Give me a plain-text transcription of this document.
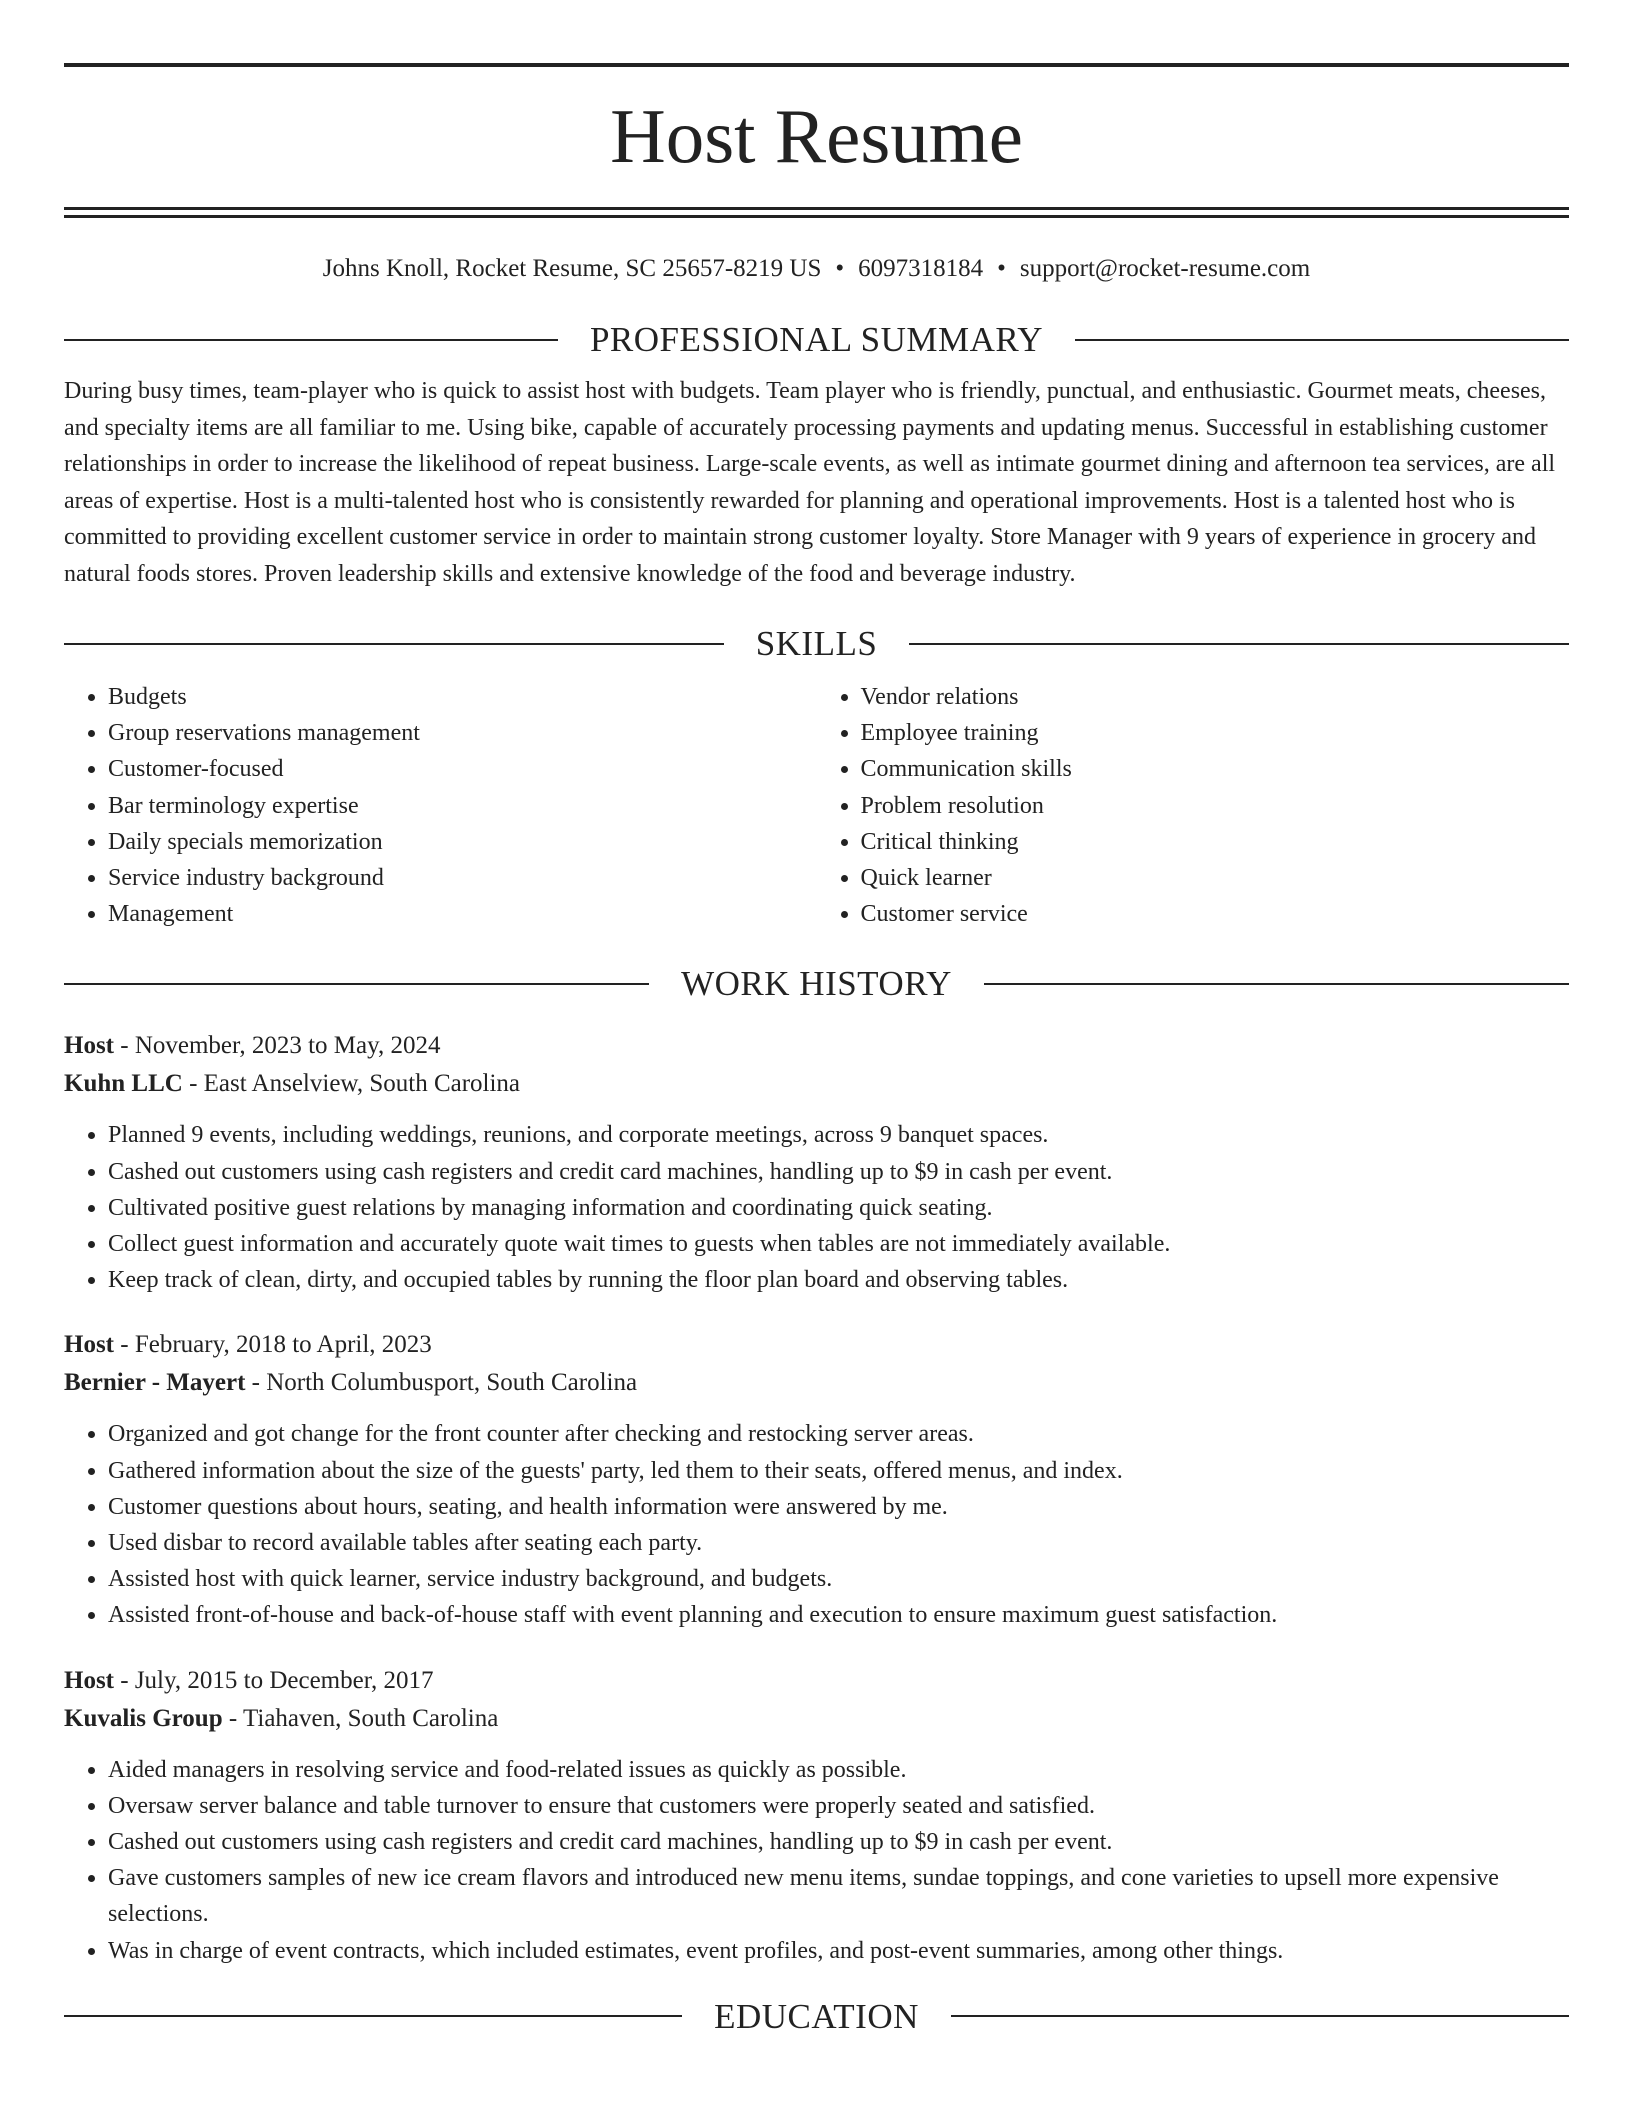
Host Resume
Johns Knoll, Rocket Resume, SC 25657-8219 US • 6097318184 • support@rocket-resume.com
PROFESSIONAL SUMMARY
During busy times, team-player who is quick to assist host with budgets. Team player who is friendly, punctual, and enthusiastic. Gourmet meats, cheeses, and specialty items are all familiar to me. Using bike, capable of accurately processing payments and updating menus. Successful in establishing customer relationships in order to increase the likelihood of repeat business. Large-scale events, as well as intimate gourmet dining and afternoon tea services, are all areas of expertise. Host is a multi-talented host who is consistently rewarded for planning and operational improvements. Host is a talented host who is committed to providing excellent customer service in order to maintain strong customer loyalty. Store Manager with 9 years of experience in grocery and natural foods stores. Proven leadership skills and extensive knowledge of the food and beverage industry.
SKILLS
• Budgets
• Group reservations management
• Customer-focused
• Bar terminology expertise
• Daily specials memorization
• Service industry background
• Management
• Vendor relations
• Employee training
• Communication skills
• Problem resolution
• Critical thinking
• Quick learner
• Customer service
WORK HISTORY
Host - November, 2023 to May, 2024
Kuhn LLC - East Anselview, South Carolina
• Planned 9 events, including weddings, reunions, and corporate meetings, across 9 banquet spaces.
• Cashed out customers using cash registers and credit card machines, handling up to $9 in cash per event.
• Cultivated positive guest relations by managing information and coordinating quick seating.
• Collect guest information and accurately quote wait times to guests when tables are not immediately available.
• Keep track of clean, dirty, and occupied tables by running the floor plan board and observing tables.
Host - February, 2018 to April, 2023
Bernier - Mayert - North Columbusport, South Carolina
• Organized and got change for the front counter after checking and restocking server areas.
• Gathered information about the size of the guests' party, led them to their seats, offered menus, and index.
• Customer questions about hours, seating, and health information were answered by me.
• Used disbar to record available tables after seating each party.
• Assisted host with quick learner, service industry background, and budgets.
• Assisted front-of-house and back-of-house staff with event planning and execution to ensure maximum guest satisfaction.
Host - July, 2015 to December, 2017
Kuvalis Group - Tiahaven, South Carolina
• Aided managers in resolving service and food-related issues as quickly as possible.
• Oversaw server balance and table turnover to ensure that customers were properly seated and satisfied.
• Cashed out customers using cash registers and credit card machines, handling up to $9 in cash per event.
• Gave customers samples of new ice cream flavors and introduced new menu items, sundae toppings, and cone varieties to upsell more expensive selections.
• Was in charge of event contracts, which included estimates, event profiles, and post-event summaries, among other things.
EDUCATION
